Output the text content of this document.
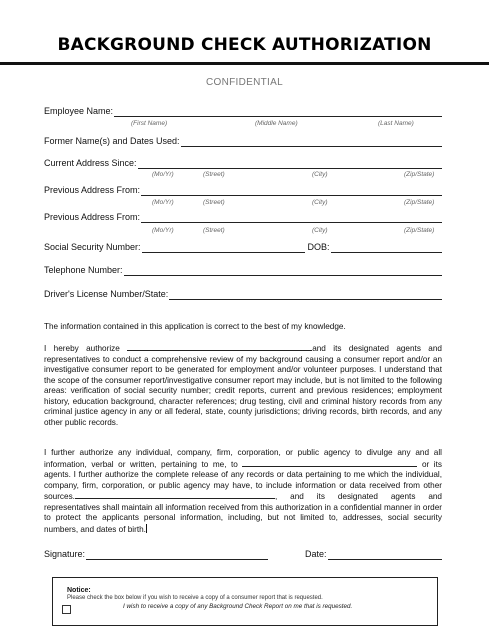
BACKGROUND CHECK AUTHORIZATION
CONFIDENTIAL
Employee Name:
(First Name)	(Middle Name)	(Last Name)
Former Name(s) and Dates Used:
Current Address Since:
(Mo/Yr)	(Street)	(City)	(Zip/State)
Previous Address From:
(Mo/Yr)	(Street)	(City)	(Zip/State)
Previous Address From:
(Mo/Yr)	(Street)	(City)	(Zip/State)
Social Security Number:	DOB:
Telephone Number:
Driver's License Number/State:
The information contained in this application is correct to the best of my knowledge.
I hereby authorize	and its designated agents and representatives to conduct a comprehensive review of my background causing a consumer report and/or an investigative consumer report to be generated for employment and/or volunteer purposes. I understand that the scope of the consumer report/investigative consumer report may include, but is not limited to the following areas: verification of social security number; credit reports, current and previous residences; employment history, education background, character references; drug testing, civil and criminal history records from any criminal justice agency in any or all federal, state, county jurisdictions; driving records, birth records, and any other public records.
I further authorize any individual, company, firm, corporation, or public agency to divulge any and all information, verbal or written, pertaining to me, to	or its agents. I further authorize the complete release of any records or data pertaining to me which the individual, company, firm, corporation, or public agency may have, to include information or data received from other sources.	, and its designated agents and representatives shall maintain all information received from this authorization in a confidential manner in order to protect the applicants personal information, including, but not limited to, addresses, social security numbers, and dates of birth.
Signature:	Date:
Notice:
Please check the box below if you wish to receive a copy of a consumer report that is requested.
I wish to receive a copy of any Background Check Report on me that is requested.
